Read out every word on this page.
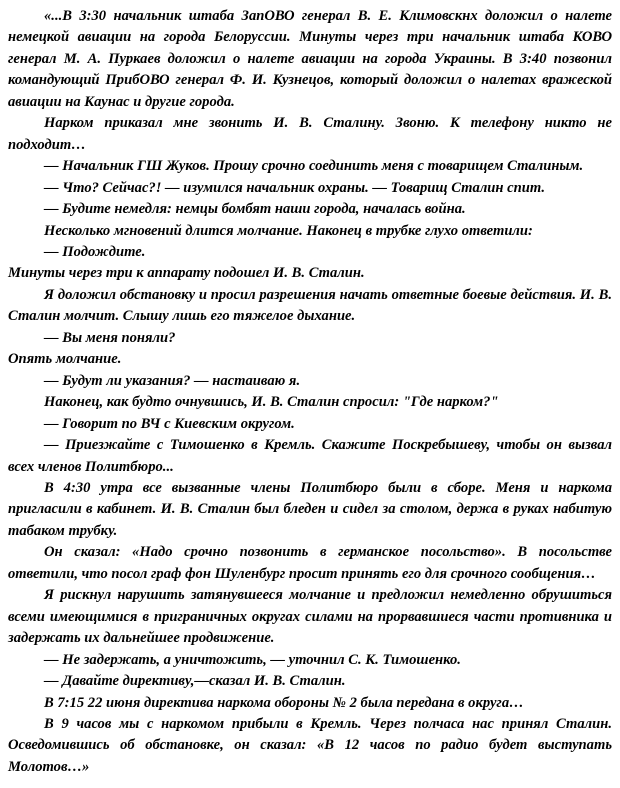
«...В 3:30 начальник штаба ЗапОВО генерал В. Е. Климовскнх доложил о налете немецкой авиации на города Белоруссии. Минуты через три начальник штаба КОВО генерал М. А. Пуркаев доложил о налете авиации на города Украины. В 3:40 позвонил командующий ПрибОВО генерал Ф. И. Кузнецов, который доложил о налетах вражеской авиации на Каунас и другие города.

Нарком приказал мне звонить И. В. Сталину. Звоню. К телефону никто не подходит…

— Начальник ГШ Жуков. Прошу срочно соединить меня с товарищем Сталиным.

— Что? Сейчас?! — изумился начальник охраны. — Товарищ Сталин спит.

— Будите немедля: немцы бомбят наши города, началась война.

Несколько мгновений длится молчание. Наконец в трубке глухо ответили:

— Подождите.

Минуты через три к аппарату подошел И. В. Сталин.

Я доложил обстановку и просил разрешения начать ответные боевые действия. И. В. Сталин молчит. Слышу лишь его тяжелое дыхание.

— Вы меня поняли?

Опять молчание.

— Будут ли указания? — настаиваю я.

Наконец, как будто очнувшись, И. В. Сталин спросил: "Где нарком?"

— Говорит по ВЧ с Киевским округом.

— Приезжайте с Тимошенко в Кремль. Скажите Поскребышеву, чтобы он вызвал всех членов Политбюро...

В 4:30 утра все вызванные члены Политбюро были в сборе. Меня и наркома пригласили в кабинет. И. В. Сталин был бледен и сидел за столом, держа в руках набитую табаком трубку.

Он сказал: «Надо срочно позвонить в германское посольство». В посольстве ответили, что посол граф фон Шуленбург просит принять его для срочного сообщения…

Я рискнул нарушить затянувшееся молчание и предложил немедленно обрушиться всеми имеющимися в приграничных округах силами на прорвавшиеся части противника и задержать их дальнейшее продвижение.

— Не задержать, а уничтожить, — уточнил С. К. Тимошенко.

— Давайте директиву,—сказал И. В. Сталин.

В 7:15 22 июня директива наркома обороны № 2 была передана в округа…

В 9 часов мы с наркомом прибыли в Кремль. Через полчаса нас принял Сталин. Осведомившись об обстановке, он сказал: «В 12 часов по радио будет выступать Молотов…»
